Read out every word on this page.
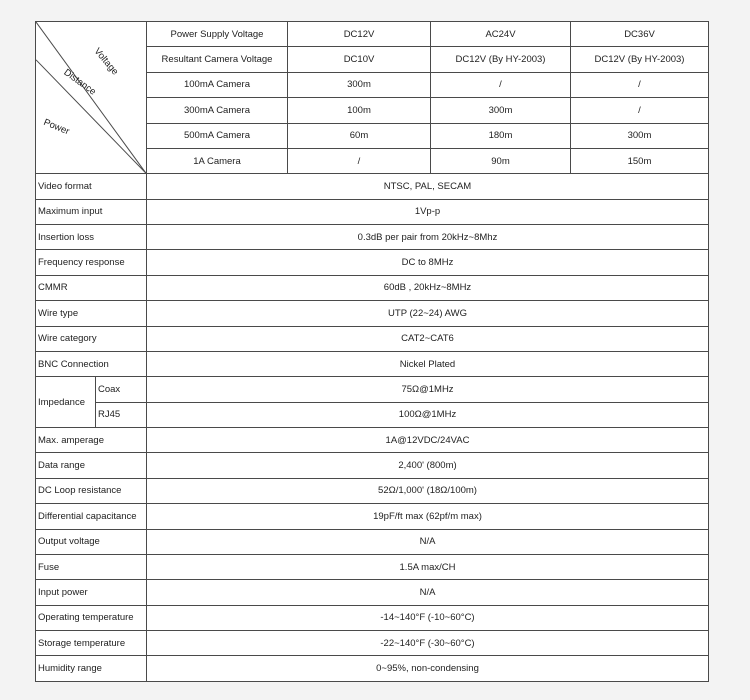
Voltage
Distance
Power		Power Supply Voltage	DC12V	AC24V	DC36V
		Resultant Camera Voltage	DC10V	DC12V (By HY-2003)	DC12V (By HY-2003)
		100mA Camera	300m	/	/
		300mA Camera	100m	300m	/
		500mA Camera	60m	180m	300m
		1A Camera	/	90m	150m
Video format		NTSC, PAL, SECAM			
Maximum input		1Vp-p			
Insertion loss		0.3dB per pair from 20kHz~8Mhz			
Frequency response		DC to 8MHz			
CMMR		60dB , 20kHz~8MHz			
Wire type		UTP (22~24) AWG			
Wire category		CAT2~CAT6			
BNC Connection		Nickel Plated			
Impedance	Coax	75Ω@1MHz			
	RJ45	100Ω@1MHz			
Max. amperage		1A@12VDC/24VAC			
Data range		2,400' (800m)			
DC Loop resistance		52Ω/1,000' (18Ω/100m)			
Differential capacitance		19pF/ft max (62pf/m max)			
Output voltage		N/A			
Fuse		1.5A max/CH			
Input power		N/A			
Operating temperature		-14~140°F (-10~60°C)			
Storage temperature		-22~140°F (-30~60°C)			
Humidity range		0~95%, non-condensing			
